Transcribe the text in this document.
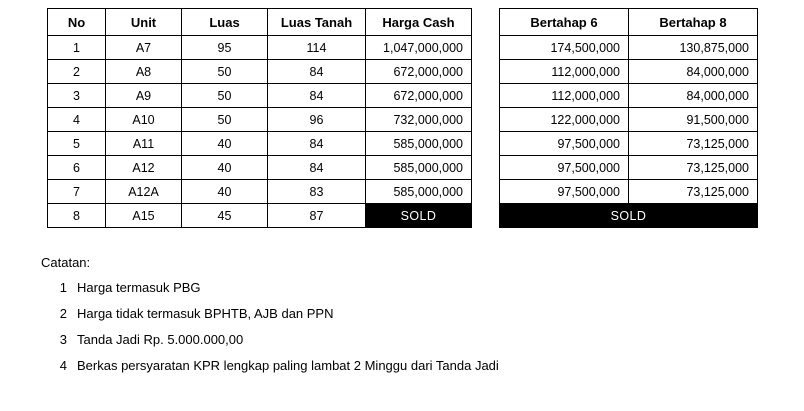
No	Unit	Luas	Luas Tanah	Harga Cash
1	A7	95	114	1,047,000,000
2	A8	50	84	672,000,000
3	A9	50	84	672,000,000
4	A10	50	96	732,000,000
5	A11	40	84	585,000,000
6	A12	40	84	585,000,000
7	A12A	40	83	585,000,000
8	A15	45	87	SOLD
Bertahap 6	Bertahap 8
174,500,000	130,875,000
112,000,000	84,000,000
112,000,000	84,000,000
122,000,000	91,500,000
97,500,000	73,125,000
97,500,000	73,125,000
97,500,000	73,125,000
SOLD	

Catatan:

1 Harga termasuk PBG
2 Harga tidak termasuk BPHTB, AJB dan PPN
3 Tanda Jadi Rp. 5.000.000,00
4 Berkas persyaratan KPR lengkap paling lambat 2 Minggu dari Tanda Jadi
